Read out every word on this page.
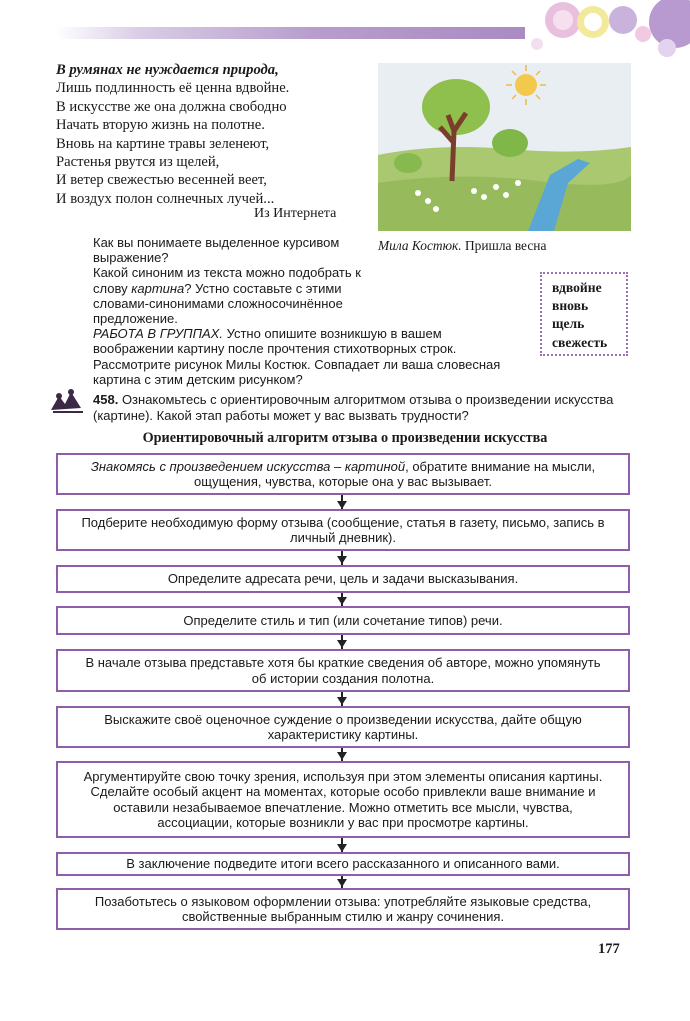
В румянах не нуждается природа,
Лишь подлинность её ценна вдвойне.
В искусстве же она должна свободно
Начать вторую жизнь на полотне.
Вновь на картине травы зеленеют,
Растенья рвутся из щелей,
И ветер свежестью весенней веет,
И воздух полон солнечных лучей...
Из Интернета
Мила Костюк. Пришла весна
Как вы понимаете выделенное курсивом выражение?
Какой синоним из текста можно подобрать к слову картина? Устно составьте с этими словами-синонимами сложносочинённое предложение.
РАБОТА В ГРУППАХ. Устно опишите возникшую в вашем воображении картину после прочтения стихотворных строк.
Рассмотрите рисунок Милы Костюк. Совпадает ли ваша словесная картина с этим детским рисунком?
вдвойне
вновь
щель
свежесть
458. Ознакомьтесь с ориентировочным алгоритмом отзыва о произведении искусства (картине). Какой этап работы может у вас вызвать трудности?
Ориентировочный алгоритм отзыва о произведении искусства
Знакомясь с произведением искусства – картиной, обратите внимание на мысли, ощущения, чувства, которые она у вас вызывает.
Подберите необходимую форму отзыва (сообщение, статья в газету, письмо, запись в личный дневник).
Определите адресата речи, цель и задачи высказывания.
Определите стиль и тип (или сочетание типов) речи.
В начале отзыва представьте хотя бы краткие сведения об авторе, можно упомянуть об истории создания полотна.
Выскажите своё оценочное суждение о произведении искусства, дайте общую характеристику картины.
Аргументируйте свою точку зрения, используя при этом элементы описания картины. Сделайте особый акцент на моментах, которые особо привлекли ваше внимание и оставили незабываемое впечатление. Можно отметить все мысли, чувства, ассоциации, которые возникли у вас при просмотре картины.
В заключение подведите итоги всего рассказанного и описанного вами.
Позаботьтесь о языковом оформлении отзыва: употребляйте языковые средства, свойственные выбранным стилю и жанру сочинения.
177
